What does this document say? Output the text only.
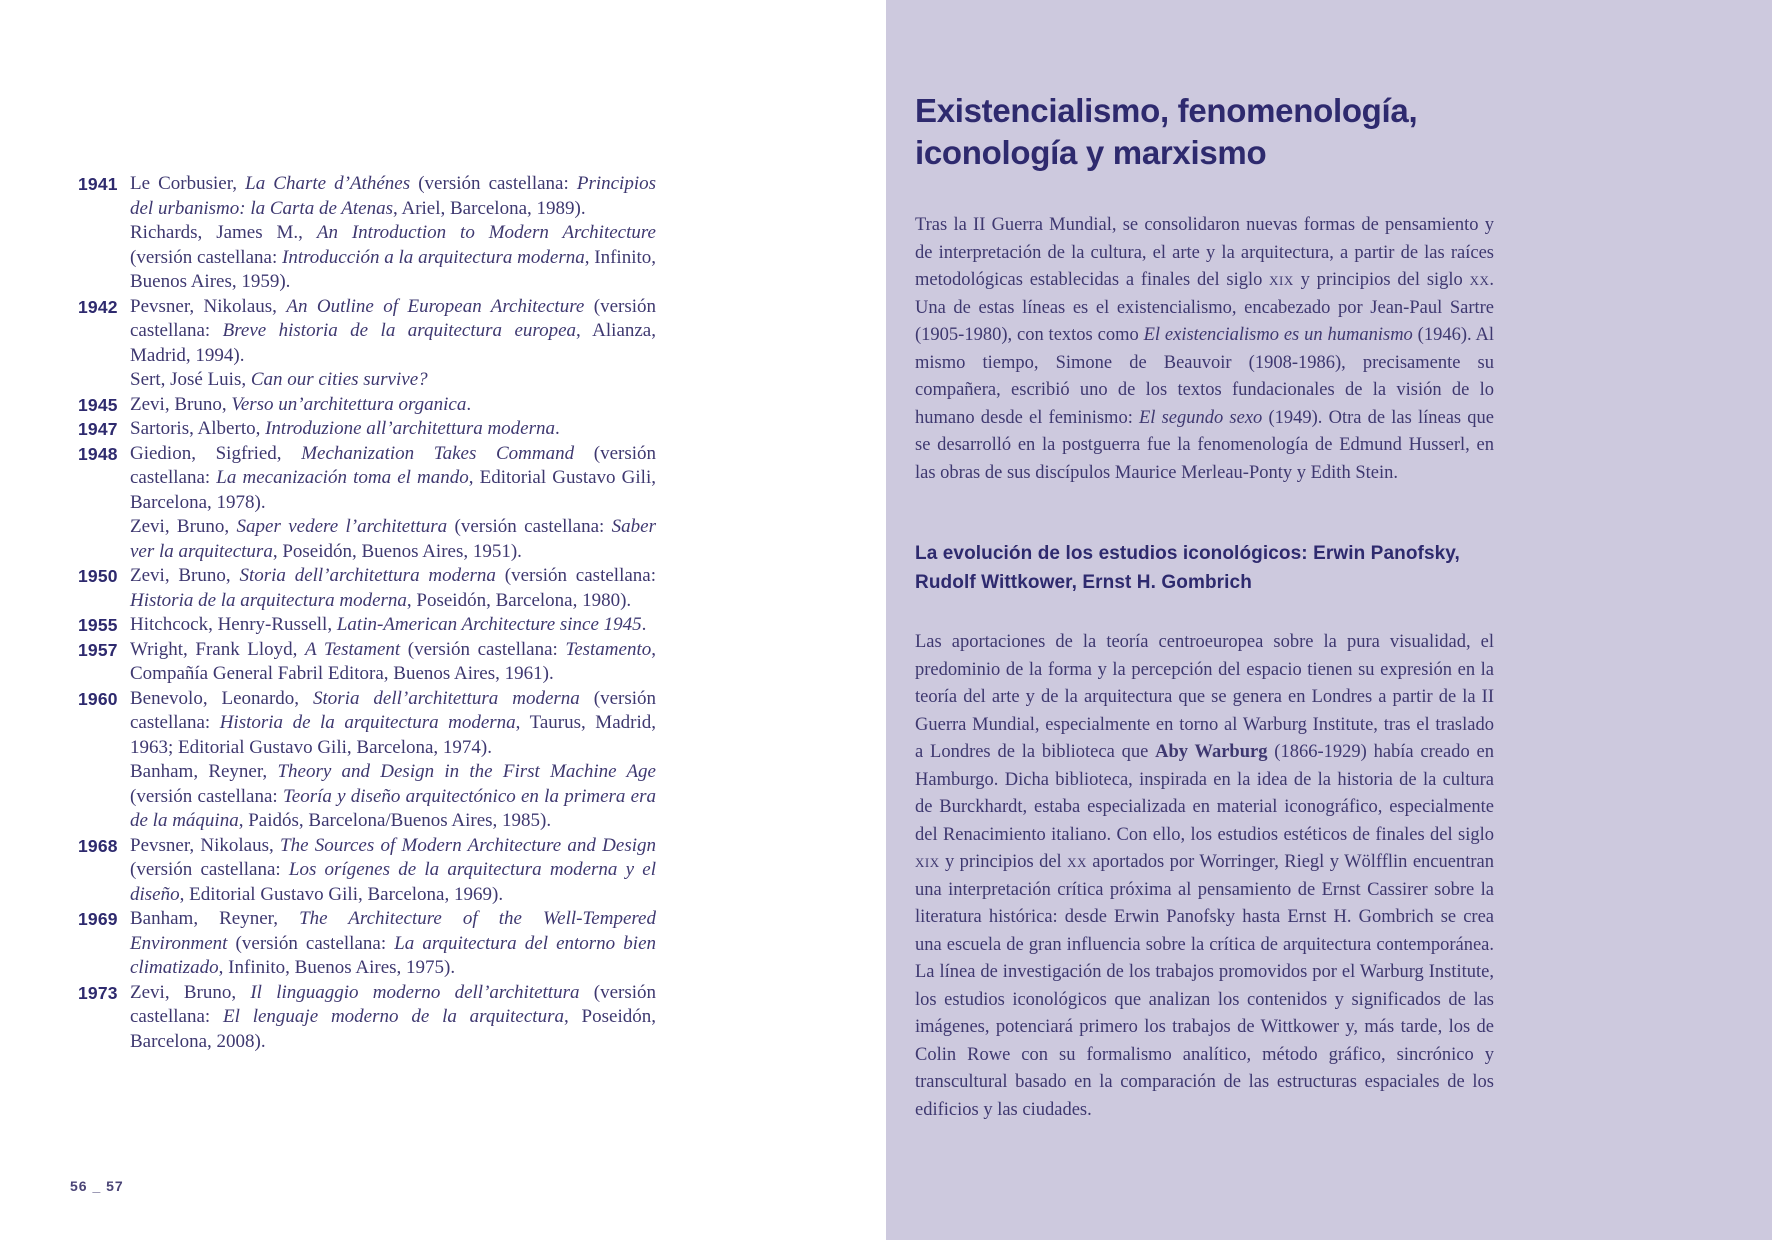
1941 Le Corbusier, La Charte d’Athénes (versión castellana: Principios del urbanismo: la Carta de Atenas, Ariel, Barcelona, 1989).
Richards, James M., An Introduction to Modern Architecture (versión castellana: Introducción a la arquitectura moderna, Infinito, Buenos Aires, 1959).
1942 Pevsner, Nikolaus, An Outline of European Architecture (versión castellana: Breve historia de la arquitectura europea, Alianza, Madrid, 1994).
Sert, José Luis, Can our cities survive?
1945 Zevi, Bruno, Verso un’architettura organica.
1947 Sartoris, Alberto, Introduzione all’architettura moderna.
1948 Giedion, Sigfried, Mechanization Takes Command (versión castellana: La mecanización toma el mando, Editorial Gustavo Gili, Barcelona, 1978).
Zevi, Bruno, Saper vedere l’architettura (versión castellana: Saber ver la arquitectura, Poseidón, Buenos Aires, 1951).
1950 Zevi, Bruno, Storia dell’architettura moderna (versión castellana: Historia de la arquitectura moderna, Poseidón, Barcelona, 1980).
1955 Hitchcock, Henry-Russell, Latin-American Architecture since 1945.
1957 Wright, Frank Lloyd, A Testament (versión castellana: Testamento, Compañía General Fabril Editora, Buenos Aires, 1961).
1960 Benevolo, Leonardo, Storia dell’architettura moderna (versión castellana: Historia de la arquitectura moderna, Taurus, Madrid, 1963; Editorial Gustavo Gili, Barcelona, 1974).
Banham, Reyner, Theory and Design in the First Machine Age (versión castellana: Teoría y diseño arquitectónico en la primera era de la máquina, Paidós, Barcelona/Buenos Aires, 1985).
1968 Pevsner, Nikolaus, The Sources of Modern Architecture and Design (versión castellana: Los orígenes de la arquitectura moderna y el diseño, Editorial Gustavo Gili, Barcelona, 1969).
1969 Banham, Reyner, The Architecture of the Well-Tempered Environment (versión castellana: La arquitectura del entorno bien climatizado, Infinito, Buenos Aires, 1975).
1973 Zevi, Bruno, Il linguaggio moderno dell’architettura (versión castellana: El lenguaje moderno de la arquitectura, Poseidón, Barcelona, 2008).
56 _ 57
Existencialismo, fenomenología,
iconología y marxismo

Tras la II Guerra Mundial, se consolidaron nuevas formas de pensamiento y de interpretación de la cultura, el arte y la arquitectura, a partir de las raíces metodológicas establecidas a finales del siglo xix y principios del siglo xx. Una de estas líneas es el existencialismo, encabezado por Jean-Paul Sartre (1905-1980), con textos como El existencialismo es un humanismo (1946). Al mismo tiempo, Simone de Beauvoir (1908-1986), precisamente su compañera, escribió uno de los textos fundacionales de la visión de lo humano desde el feminismo: El segundo sexo (1949). Otra de las líneas que se desarrolló en la postguerra fue la fenomenología de Edmund Husserl, en las obras de sus discípulos Maurice Merleau-Ponty y Edith Stein.

La evolución de los estudios iconológicos: Erwin Panofsky,
Rudolf Wittkower, Ernst H. Gombrich

Las aportaciones de la teoría centroeuropea sobre la pura visualidad, el predominio de la forma y la percepción del espacio tienen su expresión en la teoría del arte y de la arquitectura que se genera en Londres a partir de la II Guerra Mundial, especialmente en torno al Warburg Institute, tras el traslado a Londres de la biblioteca que Aby Warburg (1866-1929) había creado en Hamburgo. Dicha biblioteca, inspirada en la idea de la historia de la cultura de Burckhardt, estaba especializada en material iconográfico, especialmente del Renacimiento italiano. Con ello, los estudios estéticos de finales del siglo xix y principios del xx aportados por Worringer, Riegl y Wölfflin encuentran una interpretación crítica próxima al pensamiento de Ernst Cassirer sobre la literatura histórica: desde Erwin Panofsky hasta Ernst H. Gombrich se crea una escuela de gran influencia sobre la crítica de arquitectura contemporánea. La línea de investigación de los trabajos promovidos por el Warburg Institute, los estudios iconológicos que analizan los contenidos y significados de las imágenes, potenciará primero los trabajos de Wittkower y, más tarde, los de Colin Rowe con su formalismo analítico, método gráfico, sincrónico y transcultural basado en la comparación de las estructuras espaciales de los edificios y las ciudades.
